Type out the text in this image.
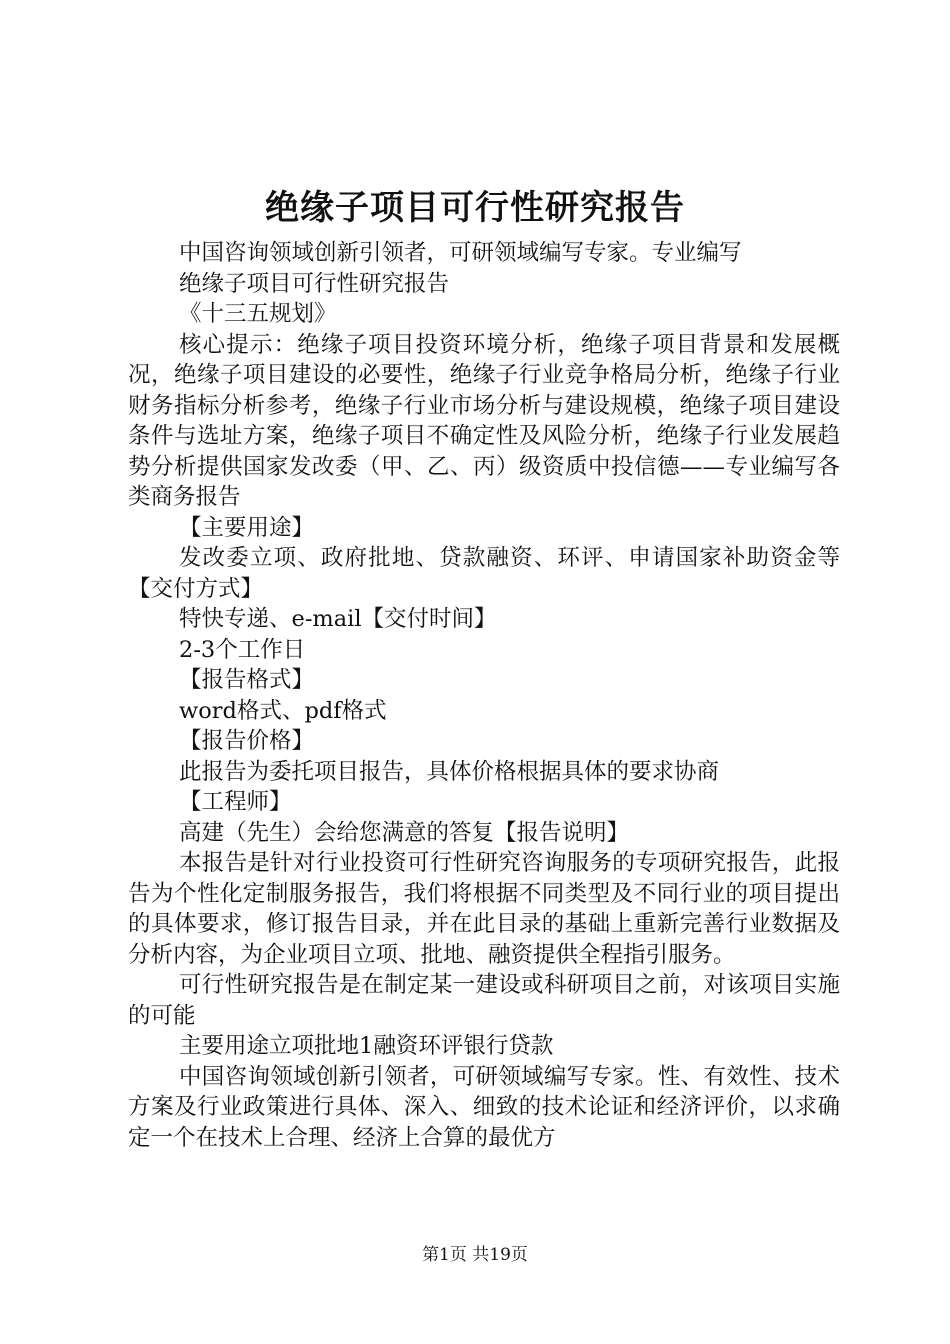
绝缘子项目可行性研究报告

中国咨询领域创新引领者，可研领域编写专家。专业编写

绝缘子项目可行性研究报告

《十三五规划》

核心提示：绝缘子项目投资环境分析，绝缘子项目背景和发展概况，绝缘子项目建设的必要性，绝缘子行业竞争格局分析，绝缘子行业财务指标分析参考，绝缘子行业市场分析与建设规模，绝缘子项目建设条件与选址方案，绝缘子项目不确定性及风险分析，绝缘子行业发展趋势分析提供国家发改委（甲、乙、丙）级资质中投信德——专业编写各类商务报告

【主要用途】

发改委立项、政府批地、贷款融资、环评、申请国家补助资金等【交付方式】

特快专递、e-mail【交付时间】

2-3个工作日

【报告格式】

word格式、pdf格式

【报告价格】

此报告为委托项目报告，具体价格根据具体的要求协商

【工程师】

高建（先生）会给您满意的答复【报告说明】

本报告是针对行业投资可行性研究咨询服务的专项研究报告，此报告为个性化定制服务报告，我们将根据不同类型及不同行业的项目提出的具体要求，修订报告目录，并在此目录的基础上重新完善行业数据及分析内容，为企业项目立项、批地、融资提供全程指引服务。

可行性研究报告是在制定某一建设或科研项目之前，对该项目实施的可能

主要用途立项批地1融资环评银行贷款

中国咨询领域创新引领者，可研领域编写专家。性、有效性、技术方案及行业政策进行具体、深入、细致的技术论证和经济评价，以求确定一个在技术上合理、经济上合算的最优方

第1页 共19页
